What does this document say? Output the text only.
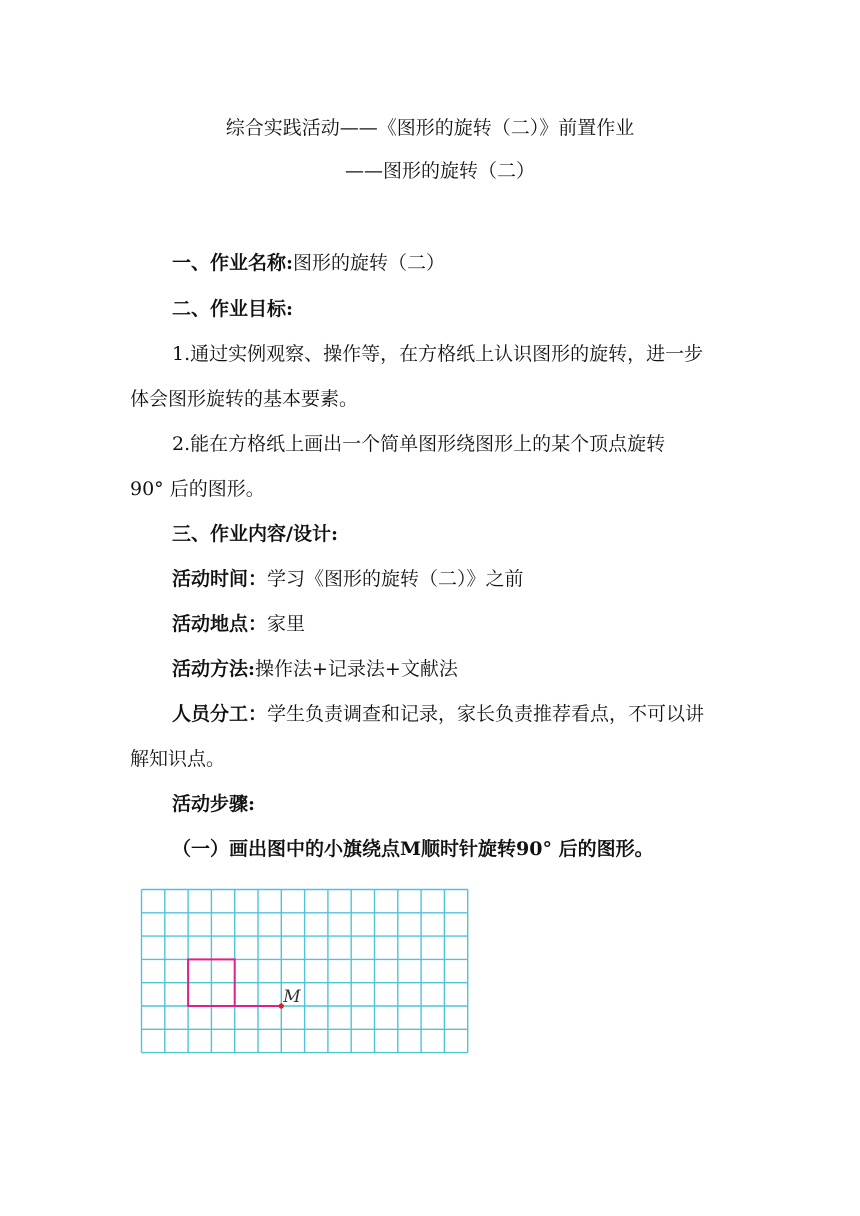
综合实践活动——《图形的旋转（二）》前置作业
——图形的旋转（二）
一、作业名称:图形的旋转（二）
二、作业目标:
1.通过实例观察、操作等，在方格纸上认识图形的旋转，进一步
体会图形旋转的基本要素。
2.能在方格纸上画出一个简单图形绕图形上的某个顶点旋转
90° 后的图形。
三、作业内容/设计:
活动时间：学习《图形的旋转（二）》之前
活动地点：家里
活动方法:操作法+记录法+文献法
人员分工：学生负责调查和记录，家长负责推荐看点，不可以讲
解知识点。
活动步骤:
（一）画出图中的小旗绕点M顺时针旋转90° 后的图形。
M
